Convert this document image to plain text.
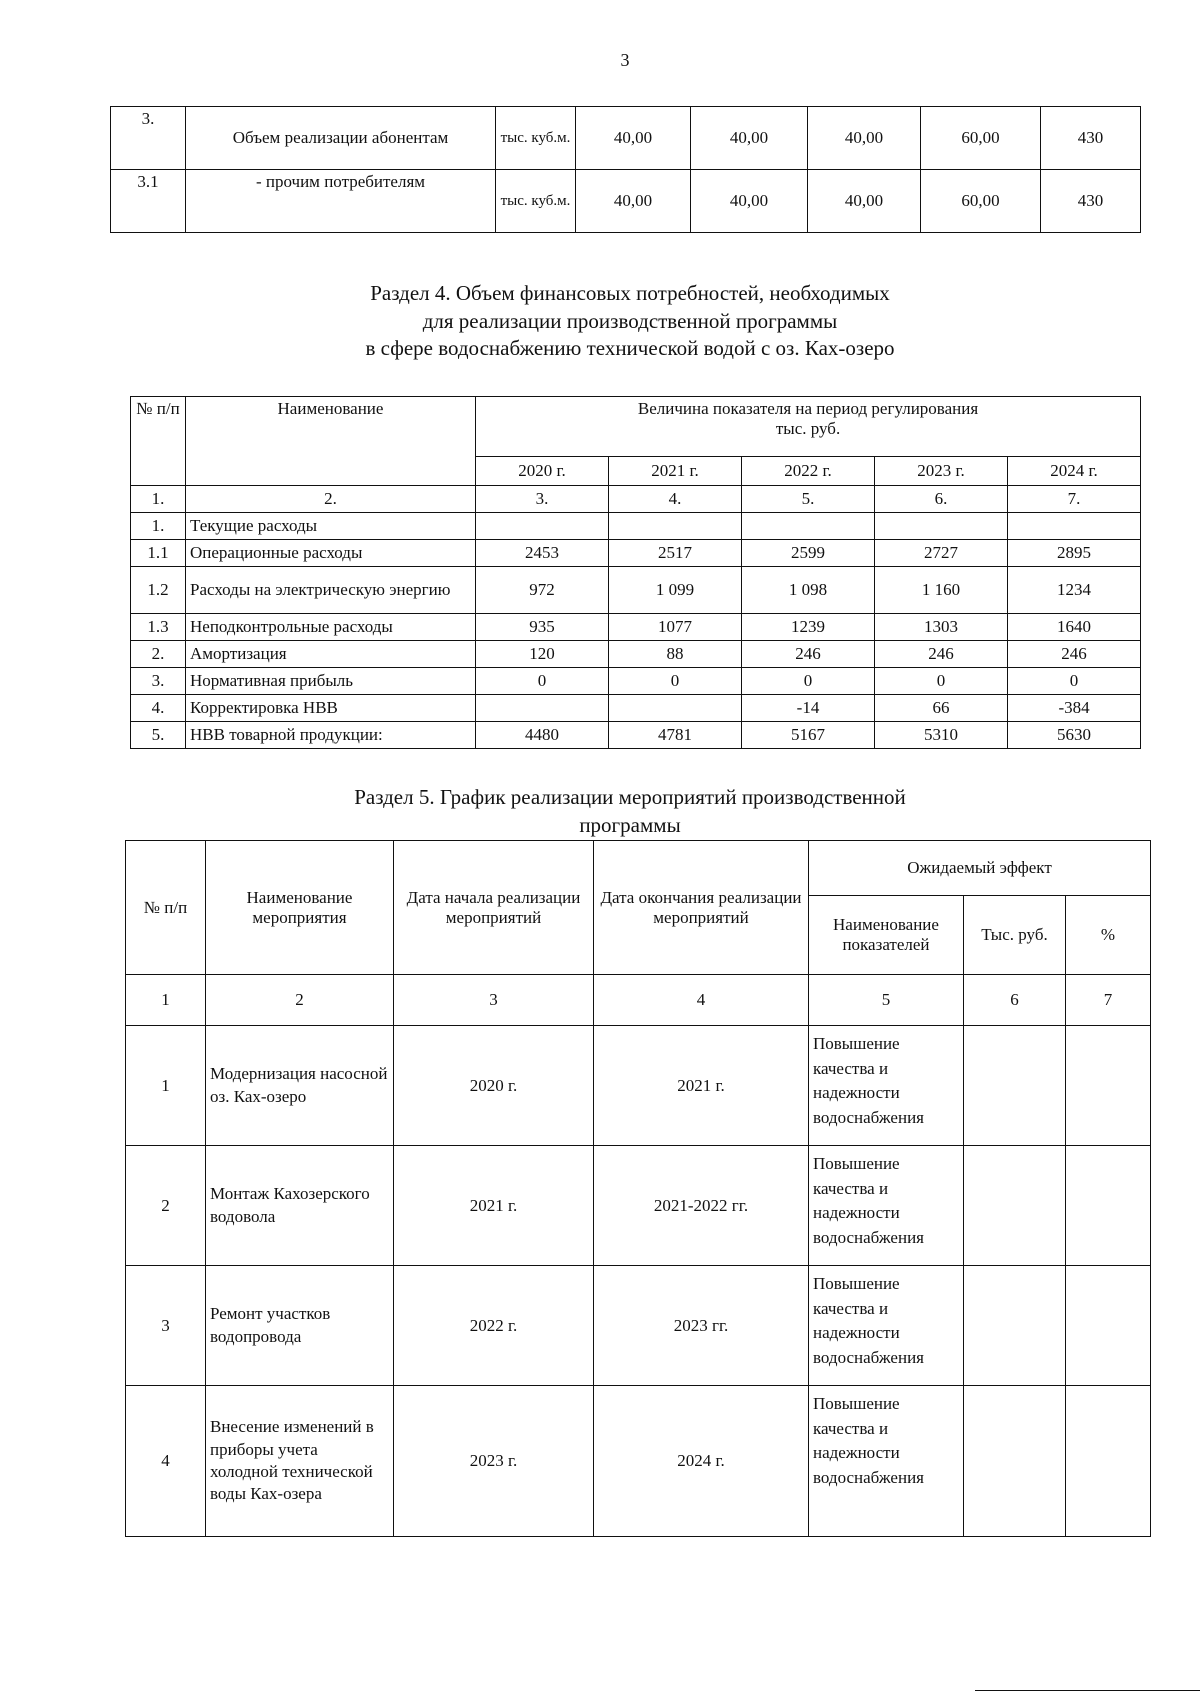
3
3.	Объем реализации абонентам	тыс. куб.м.	40,00	40,00	40,00	60,00	430
3.1	- прочим потребителям	тыс. куб.м.	40,00	40,00	40,00	60,00	430
Раздел 4. Объем финансовых потребностей, необходимых
для реализации производственной программы
в сфере водоснабжению технической водой с оз. Ках-озеро
№ п/п	Наименование	Величина показателя на период регулирования
тыс. руб.				

		2020 г.	2021 г.	2022 г.	2023 г.	2024 г.
1.	2.	3.	4.	5.	6.	7.
1.	Текущие расходы					
1.1	Операционные расходы	2453	2517	2599	2727	2895
1.2	Расходы на электрическую энергию	972	1 099	1 098	1 160	1234
1.3	Неподконтрольные расходы	935	1077	1239	1303	1640
2.	Амортизация	120	88	246	246	246
3.	Нормативная прибыль	0	0	0	0	0
4.	Корректировка НВВ			-14	66	-384
5.	НВВ товарной продукции:	4480	4781	5167	5310	5630
Раздел 5. График реализации мероприятий производственной
программы
№ п/п	Наименование мероприятия	Дата начала реализации мероприятий	Дата окончания реализации мероприятий	Ожидаемый эффект		
				Наименование показателей	Тыс. руб.	%
1	2	3	4	5	6	7
1	Модернизация насосной оз. Ках-озеро	2020 г.	2021 г.	Повышение качества и надежности водоснабжения		
2	Монтаж Кахозерского водовола	2021 г.	2021-2022 гг.	Повышение качества и надежности водоснабжения		
3	Ремонт участков водопровода	2022 г.	2023 гг.	Повышение качества и надежности водоснабжения		
4	Внесение изменений в приборы учета холодной технической воды Ках-озера	2023 г.	2024 г.	Повышение качества и надежности водоснабжения		
